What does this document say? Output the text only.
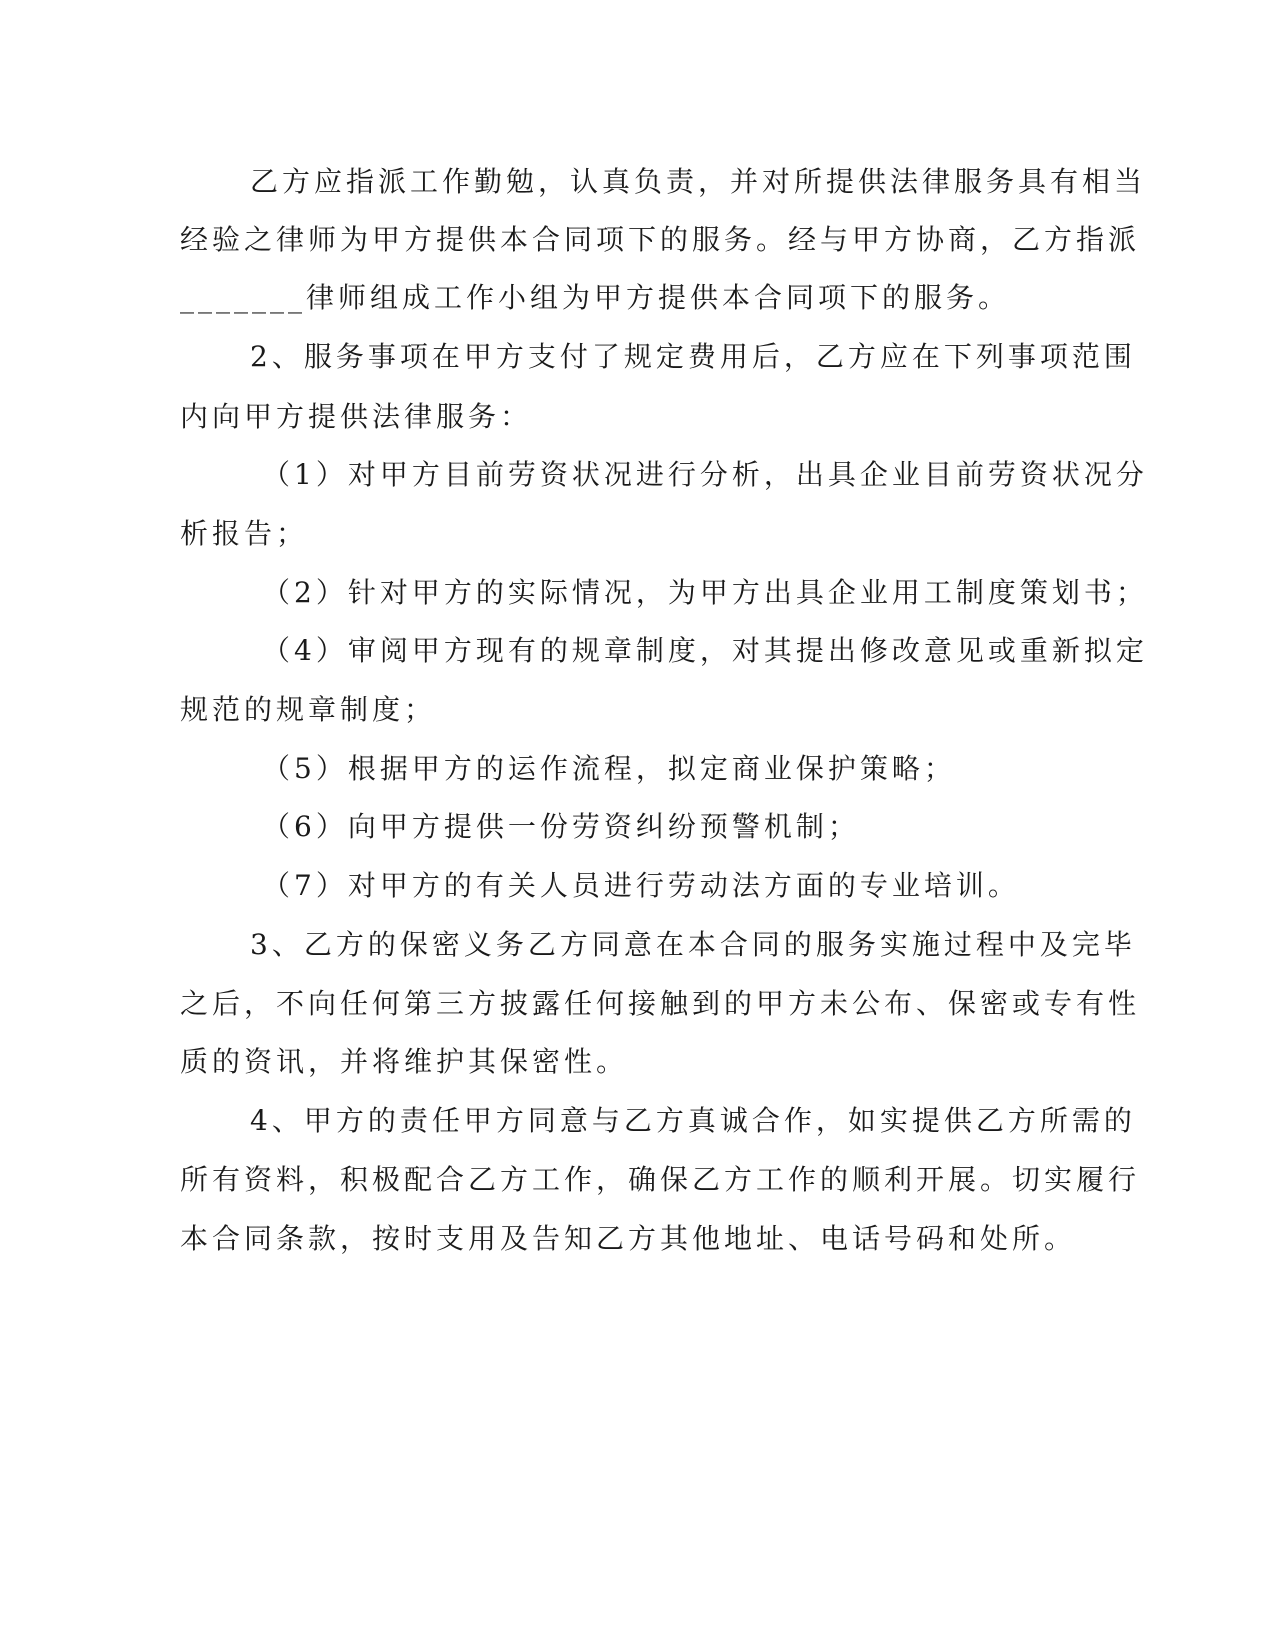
乙方应指派工作勤勉，认真负责，并对所提供法律服务具有相当
经验之律师为甲方提供本合同项下的服务。经与甲方协商，乙方指派
_______律师组成工作小组为甲方提供本合同项下的服务。
2、服务事项在甲方支付了规定费用后，乙方应在下列事项范围
内向甲方提供法律服务：
（1）对甲方目前劳资状况进行分析，出具企业目前劳资状况分
析报告；
（2）针对甲方的实际情况，为甲方出具企业用工制度策划书；
（4）审阅甲方现有的规章制度，对其提出修改意见或重新拟定
规范的规章制度；
（5）根据甲方的运作流程，拟定商业保护策略；
（6）向甲方提供一份劳资纠纷预警机制；
（7）对甲方的有关人员进行劳动法方面的专业培训。
3、乙方的保密义务乙方同意在本合同的服务实施过程中及完毕
之后，不向任何第三方披露任何接触到的甲方未公布、保密或专有性
质的资讯，并将维护其保密性。
4、甲方的责任甲方同意与乙方真诚合作，如实提供乙方所需的
所有资料，积极配合乙方工作，确保乙方工作的顺利开展。切实履行
本合同条款，按时支用及告知乙方其他地址、电话号码和处所。
